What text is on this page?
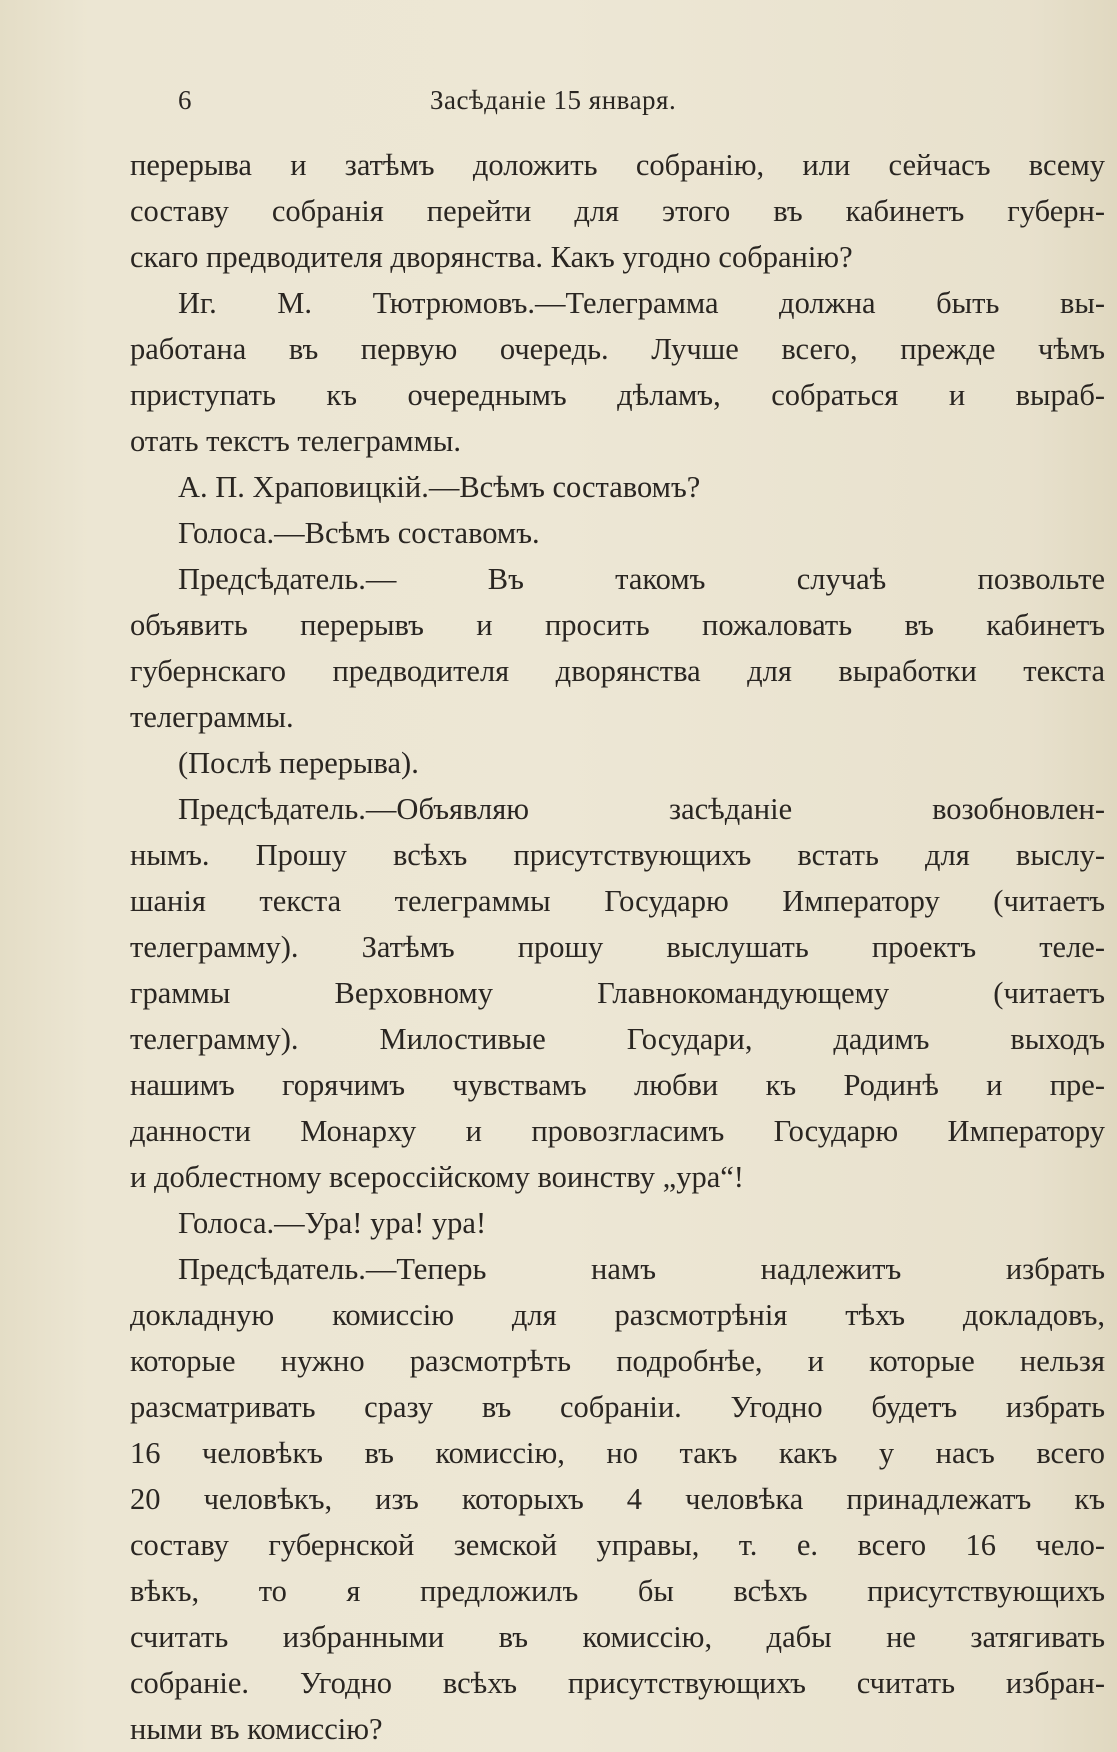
6	Засѣданіе 15 января.
перерыва и затѣмъ доложить собранію, или сейчасъ всему
составу собранія перейти для этого въ кабинетъ губерн-
скаго предводителя дворянства. Какъ угодно собранію?
Иг. М. Тютрюмовъ.—Телеграмма должна быть вы-
работана въ первую очередь. Лучше всего, прежде чѣмъ
приступать къ очереднымъ дѣламъ, собраться и выраб-
отать текстъ телеграммы.
А. П. Храповицкій.—Всѣмъ составомъ?
Голоса.—Всѣмъ составомъ.
Предсѣдатель.— Въ такомъ случаѣ позвольте
объявить перерывъ и просить пожаловать въ кабинетъ
губернскаго предводителя дворянства для выработки текста
телеграммы.
(Послѣ перерыва).
Предсѣдатель.—Объявляю засѣданіе возобновлен-
нымъ. Прошу всѣхъ присутствующихъ встать для выслу-
шанія текста телеграммы Государю Императору (читаетъ
телеграмму). Затѣмъ прошу выслушать проектъ теле-
граммы Верховному Главнокомандующему (читаетъ
телеграмму). Милостивые Государи, дадимъ выходъ
нашимъ горячимъ чувствамъ любви къ Родинѣ и пре-
данности Монарху и провозгласимъ Государю Императору
и доблестному всероссійскому воинству „ура“!
Голоса.—Ура! ура! ура!
Предсѣдатель.—Теперь намъ надлежитъ избрать
докладную комиссію для разсмотрѣнія тѣхъ докладовъ,
которые нужно разсмотрѣть подробнѣе, и которые нельзя
разсматривать сразу въ собраніи. Угодно будетъ избрать
16 человѣкъ въ комиссію, но такъ какъ у насъ всего
20 человѣкъ, изъ которыхъ 4 человѣка принадлежатъ къ
составу губернской земской управы, т. е. всего 16 чело-
вѣкъ, то я предложилъ бы всѣхъ присутствующихъ
считать избранными въ комиссію, дабы не затягивать
собраніе. Угодно всѣхъ присутствующихъ считать избран-
ными въ комиссію?
